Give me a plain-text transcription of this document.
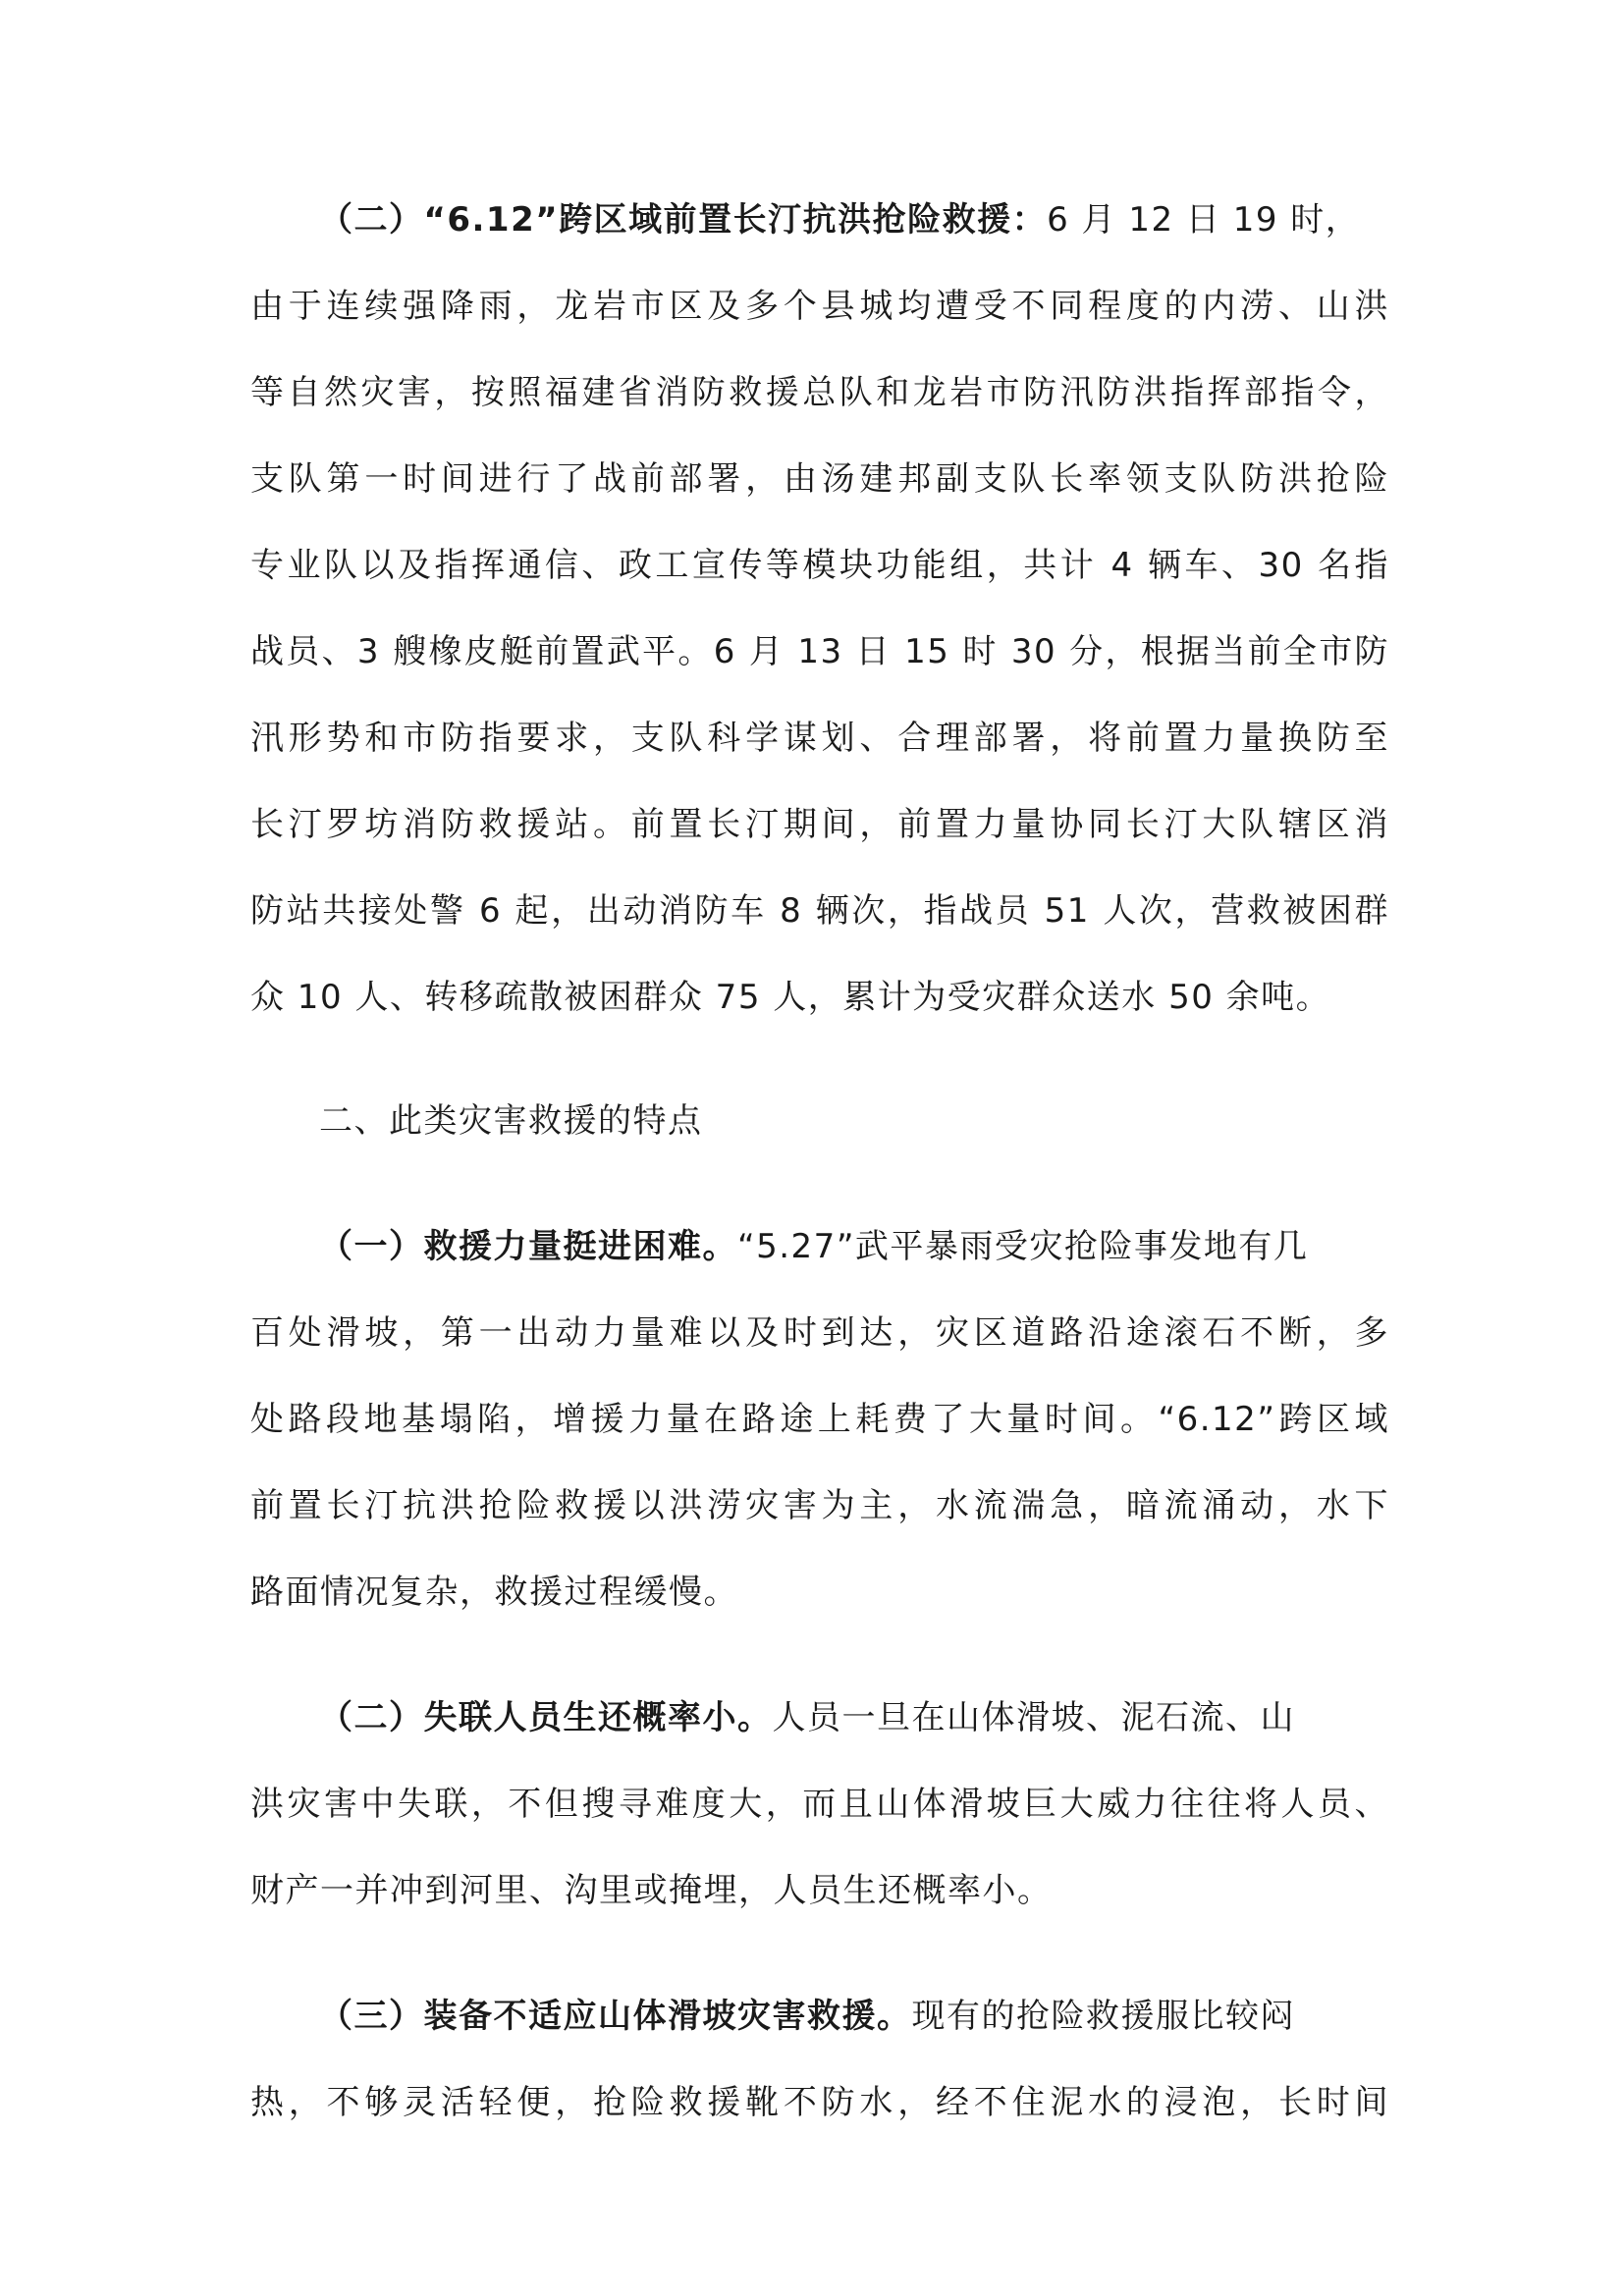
（二）“6.12”跨区域前置长汀抗洪抢险救援：6 月 12 日 19 时，
由于连续强降雨，龙岩市区及多个县城均遭受不同程度的内涝、山洪
等自然灾害，按照福建省消防救援总队和龙岩市防汛防洪指挥部指令，
支队第一时间进行了战前部署，由汤建邦副支队长率领支队防洪抢险
专业队以及指挥通信、政工宣传等模块功能组，共计 4 辆车、30 名指
战员、3 艘橡皮艇前置武平。6 月 13 日 15 时 30 分，根据当前全市防
汛形势和市防指要求，支队科学谋划、合理部署，将前置力量换防至
长汀罗坊消防救援站。前置长汀期间，前置力量协同长汀大队辖区消
防站共接处警 6 起，出动消防车 8 辆次，指战员 51 人次，营救被困群
众 10 人、转移疏散被困群众 75 人，累计为受灾群众送水 50 余吨。
二、此类灾害救援的特点
（一）救援力量挺进困难。“5.27”武平暴雨受灾抢险事发地有几
百处滑坡，第一出动力量难以及时到达，灾区道路沿途滚石不断，多
处路段地基塌陷，增援力量在路途上耗费了大量时间。“6.12”跨区域
前置长汀抗洪抢险救援以洪涝灾害为主，水流湍急，暗流涌动，水下
路面情况复杂，救援过程缓慢。
（二）失联人员生还概率小。人员一旦在山体滑坡、泥石流、山
洪灾害中失联，不但搜寻难度大，而且山体滑坡巨大威力往往将人员、
财产一并冲到河里、沟里或掩埋，人员生还概率小。
（三）装备不适应山体滑坡灾害救援。现有的抢险救援服比较闷
热，不够灵活轻便，抢险救援靴不防水，经不住泥水的浸泡，长时间
